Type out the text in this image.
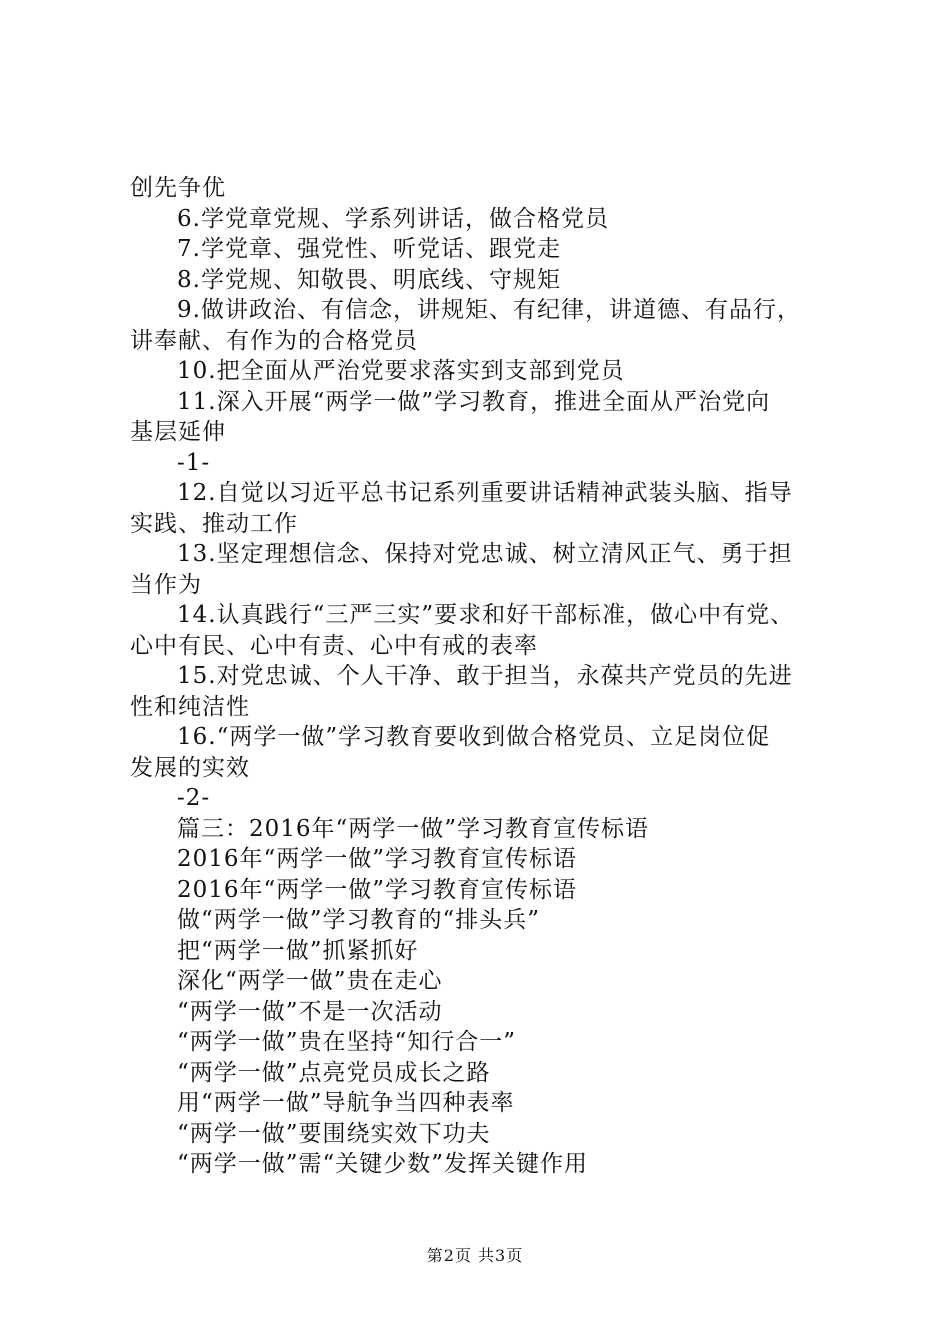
创先争优
6.学党章党规、学系列讲话，做合格党员
7.学党章、强党性、听党话、跟党走
8.学党规、知敬畏、明底线、守规矩
9.做讲政治、有信念，讲规矩、有纪律，讲道德、有品行，
讲奉献、有作为的合格党员
10.把全面从严治党要求落实到支部到党员
11.深入开展“两学一做”学习教育，推进全面从严治党向
基层延伸
-1-
12.自觉以习近平总书记系列重要讲话精神武装头脑、指导
实践、推动工作
13.坚定理想信念、保持对党忠诚、树立清风正气、勇于担
当作为
14.认真践行“三严三实”要求和好干部标准，做心中有党、
心中有民、心中有责、心中有戒的表率
15.对党忠诚、个人干净、敢于担当，永葆共产党员的先进
性和纯洁性
16.“两学一做”学习教育要收到做合格党员、立足岗位促
发展的实效
-2-
篇三：2016年“两学一做”学习教育宣传标语
2016年“两学一做”学习教育宣传标语
2016年“两学一做”学习教育宣传标语
做“两学一做”学习教育的“排头兵”
把“两学一做”抓紧抓好
深化“两学一做”贵在走心
“两学一做”不是一次活动
“两学一做”贵在坚持“知行合一”
“两学一做”点亮党员成长之路
用“两学一做”导航争当四种表率
“两学一做”要围绕实效下功夫
“两学一做”需“关键少数”发挥关键作用
第2页 共3页
